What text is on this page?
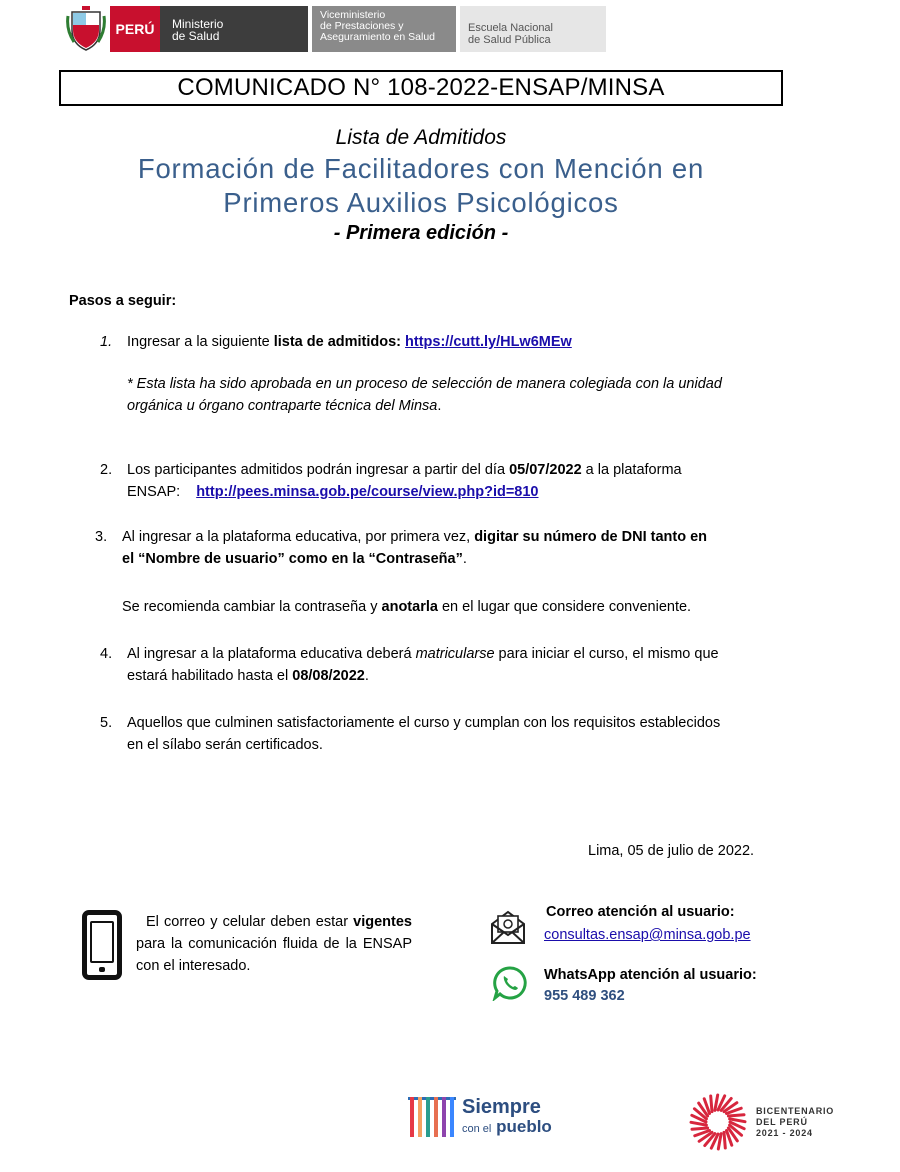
PERÚ	Ministerio
de Salud
Viceministerio
de Prestaciones y
Aseguramiento en Salud
Escuela Nacional
de Salud Pública
COMUNICADO N° 108-2022-ENSAP/MINSA
Lista de Admitidos
Formación de Facilitadores con Mención en
Primeros Auxilios Psicológicos
- Primera edición -
Pasos a seguir:
1. Ingresar a la siguiente lista de admitidos: https://cutt.ly/HLw6MEw
* Esta lista ha sido aprobada en un proceso de selección de manera colegiada con la unidad
orgánica u órgano contraparte técnica del Minsa.
2. Los participantes admitidos podrán ingresar a partir del día 05/07/2022 a la plataforma
ENSAP: http://pees.minsa.gob.pe/course/view.php?id=810
3. Al ingresar a la plataforma educativa, por primera vez, digitar su número de DNI tanto en
el “Nombre de usuario” como en la “Contraseña”.
Se recomienda cambiar la contraseña y anotarla en el lugar que considere conveniente.
4. Al ingresar a la plataforma educativa deberá matricularse para iniciar el curso, el mismo que
estará habilitado hasta el 08/08/2022.
5. Aquellos que culminen satisfactoriamente el curso y cumplan con los requisitos establecidos
en el sílabo serán certificados.
Lima, 05 de julio de 2022.
El correo y celular deben estar vigentes para la comunicación fluida de la ENSAP con el interesado.
Correo atención al usuario:
consultas.ensap@minsa.gob.pe
WhatsApp atención al usuario:
955 489 362
Siempre
con el pueblo
BICENTENARIO
DEL PERÚ
2021 - 2024
